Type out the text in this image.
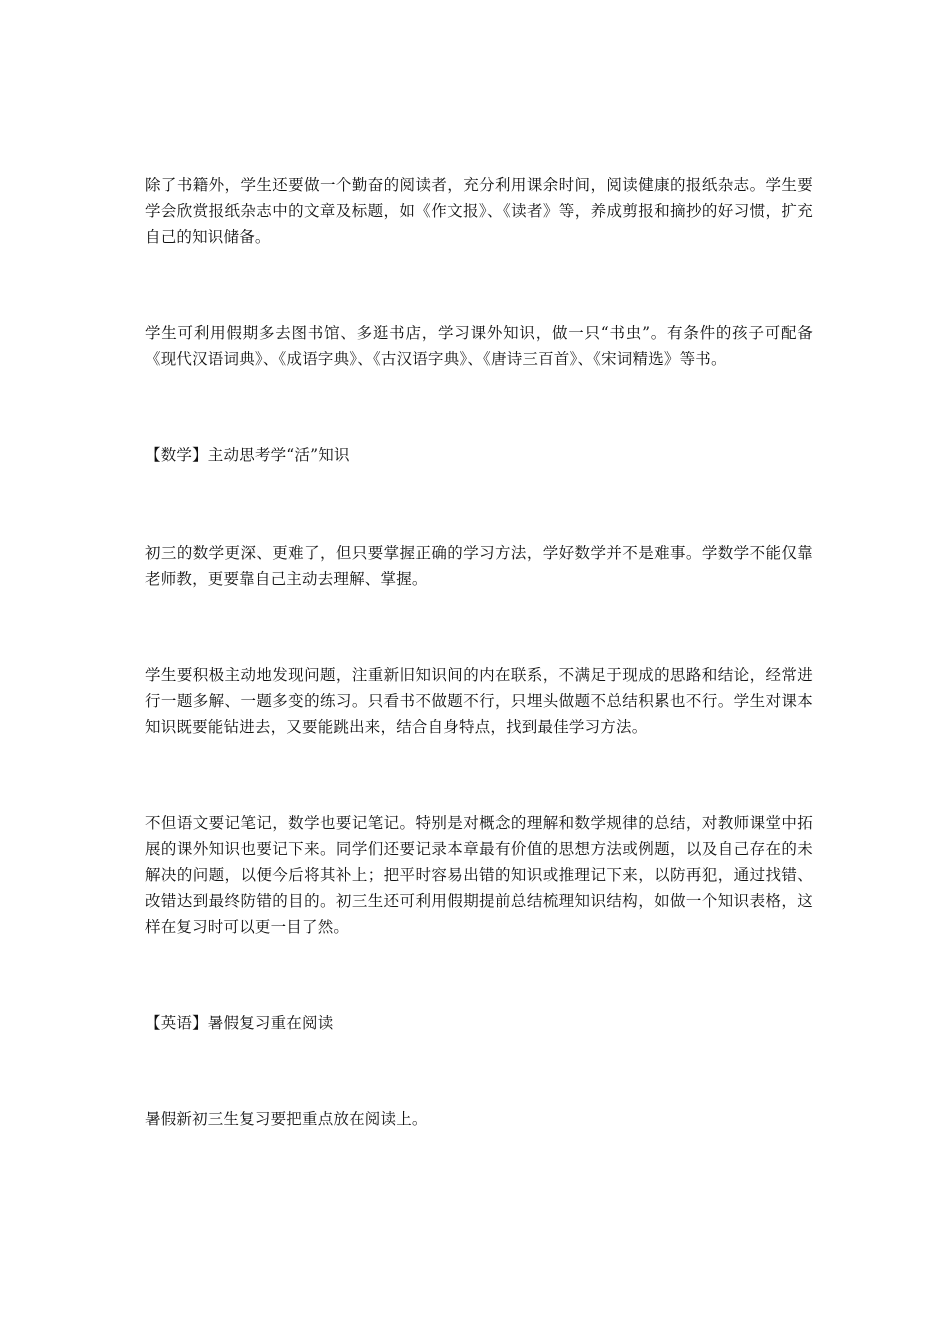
除了书籍外，学生还要做一个勤奋的阅读者，充分利用课余时间，阅读健康的报纸杂志。学生要学会欣赏报纸杂志中的文章及标题，如《作文报》、《读者》等，养成剪报和摘抄的好习惯，扩充自己的知识储备。

学生可利用假期多去图书馆、多逛书店，学习课外知识，做一只“书虫”。有条件的孩子可配备《现代汉语词典》、《成语字典》、《古汉语字典》、《唐诗三百首》、《宋词精选》等书。

【数学】主动思考学“活”知识

初三的数学更深、更难了，但只要掌握正确的学习方法，学好数学并不是难事。学数学不能仅靠老师教，更要靠自己主动去理解、掌握。

学生要积极主动地发现问题，注重新旧知识间的内在联系，不满足于现成的思路和结论，经常进行一题多解、一题多变的练习。只看书不做题不行，只埋头做题不总结积累也不行。学生对课本知识既要能钻进去，又要能跳出来，结合自身特点，找到最佳学习方法。

不但语文要记笔记，数学也要记笔记。特别是对概念的理解和数学规律的总结，对教师课堂中拓展的课外知识也要记下来。同学们还要记录本章最有价值的思想方法或例题，以及自己存在的未解决的问题，以便今后将其补上；把平时容易出错的知识或推理记下来，以防再犯，通过找错、改错达到最终防错的目的。初三生还可利用假期提前总结梳理知识结构，如做一个知识表格，这样在复习时可以更一目了然。

【英语】暑假复习重在阅读

暑假新初三生复习要把重点放在阅读上。
